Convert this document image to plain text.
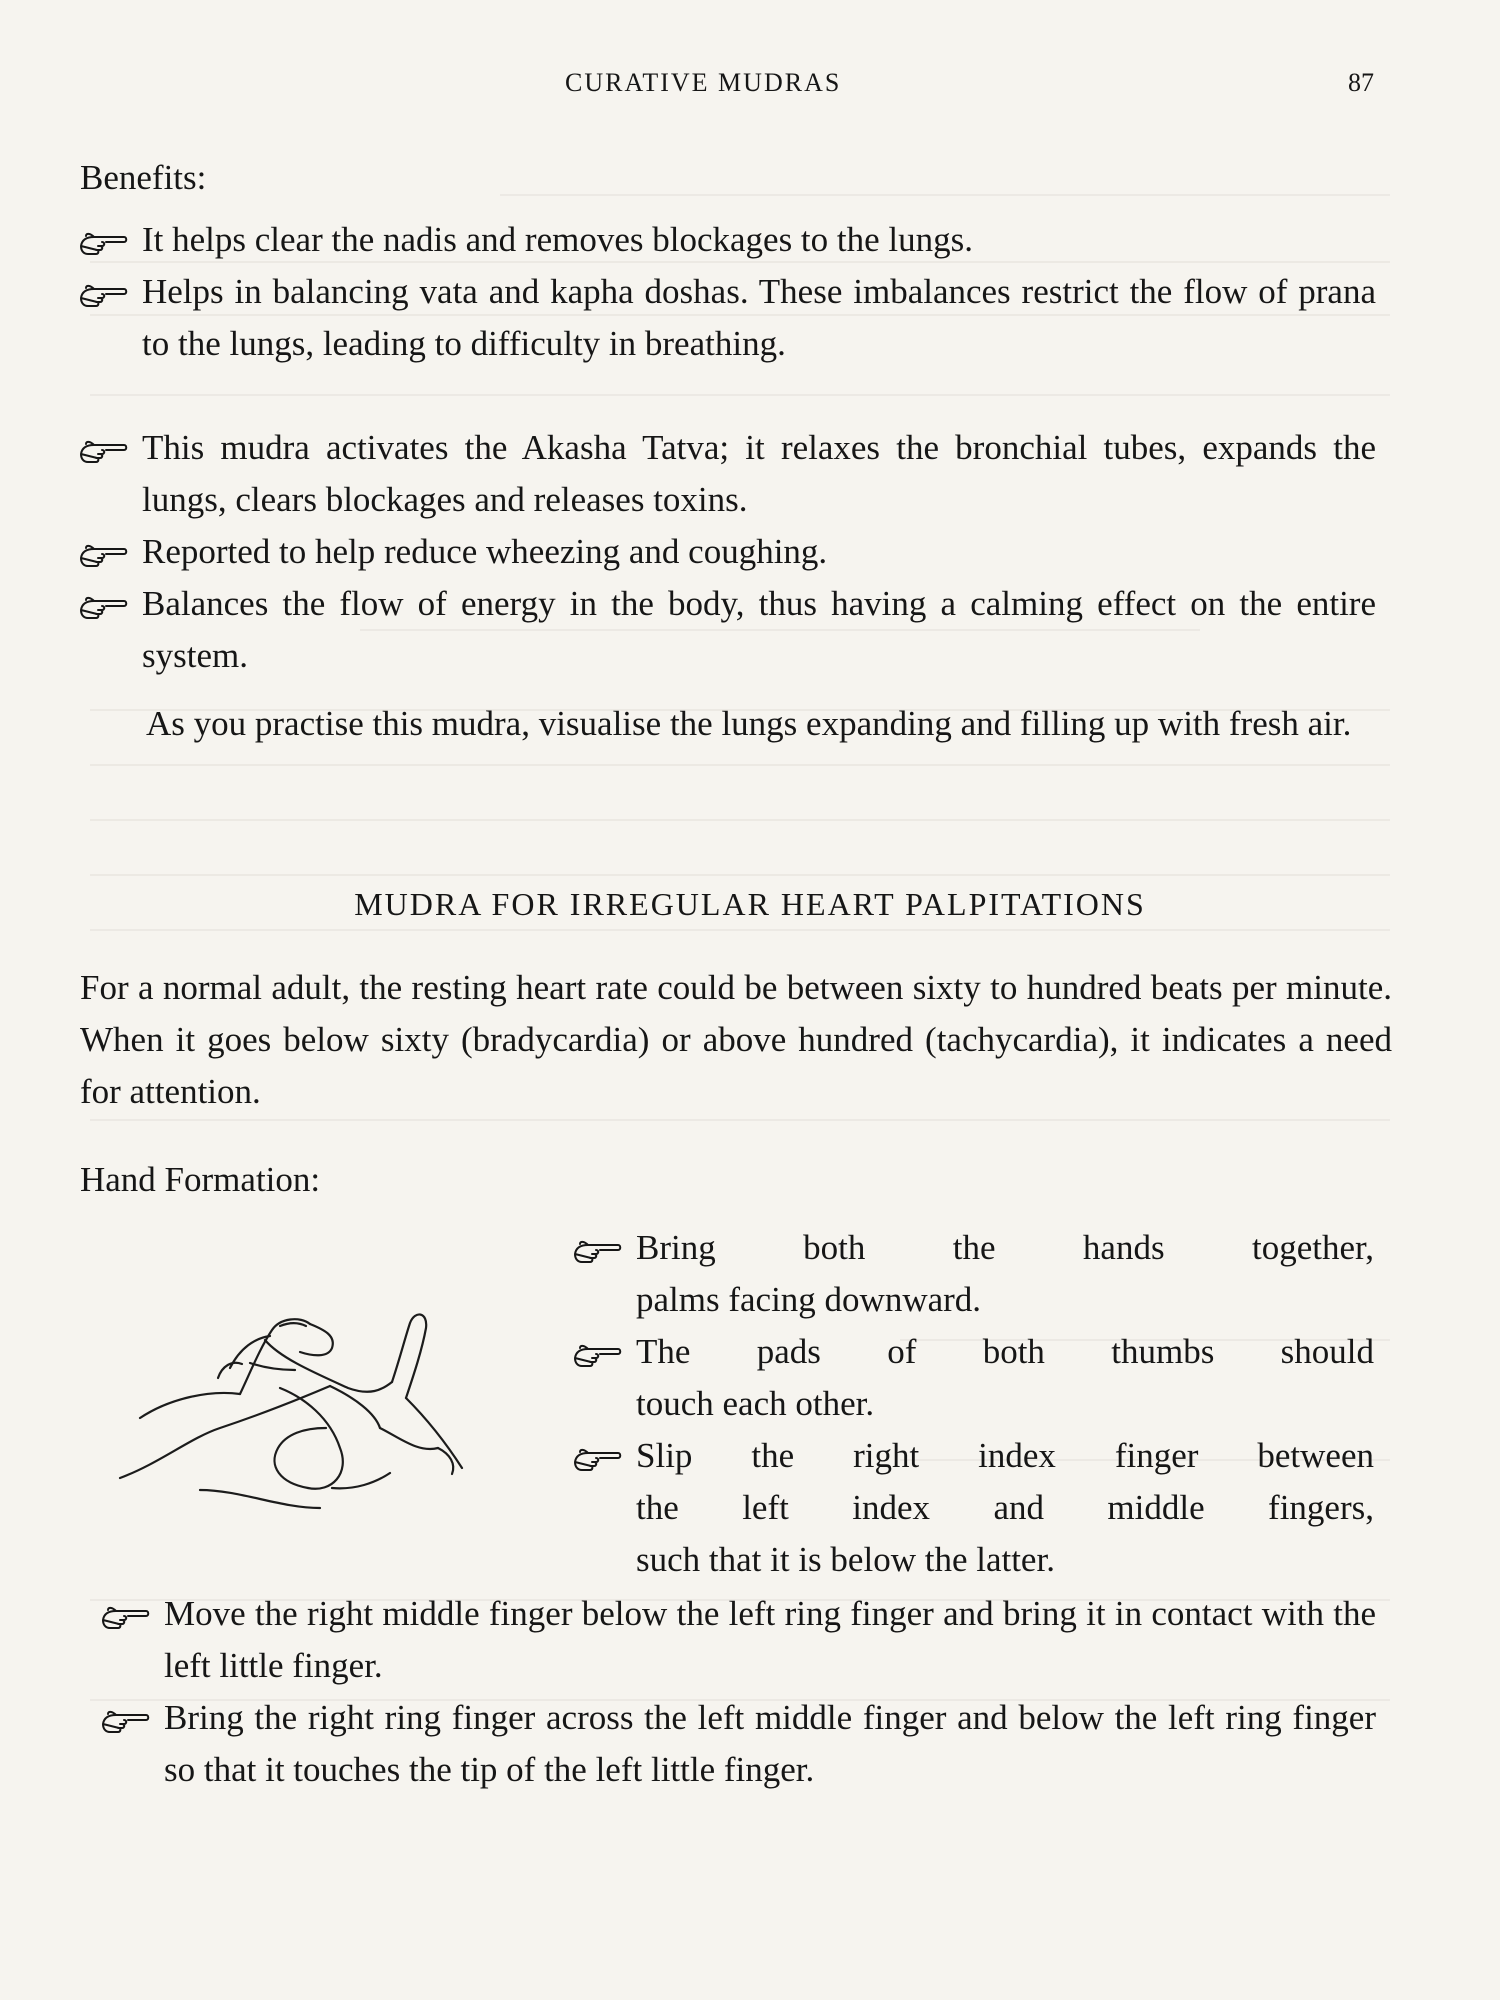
CURATIVE MUDRAS	87
Benefits:
It helps clear the nadis and removes blockages to the lungs.
Helps in balancing vata and kapha doshas. These imbalances restrict the flow of prana to the lungs, leading to difficulty in breathing.
This mudra activates the Akasha Tatva; it relaxes the bronchial tubes, expands the lungs, clears blockages and releases toxins.
Reported to help reduce wheezing and coughing.
Balances the flow of energy in the body, thus having a calming effect on the entire system.
As you practise this mudra, visualise the lungs expanding and filling up with fresh air.
MUDRA FOR IRREGULAR HEART PALPITATIONS
For a normal adult, the resting heart rate could be between sixty to hundred beats per minute. When it goes below sixty (bradycardia) or above hundred (tachycardia), it indicates a need for attention.
Hand Formation:
Bring both the hands together,
palms facing downward.
The pads of both thumbs should
touch each other.
Slip the right index finger between
the left index and middle fingers,
such that it is below the latter.
Move the right middle finger below the left ring finger and bring it in contact with the left little finger.
Bring the right ring finger across the left middle finger and below the left ring finger so that it touches the tip of the left little finger.
